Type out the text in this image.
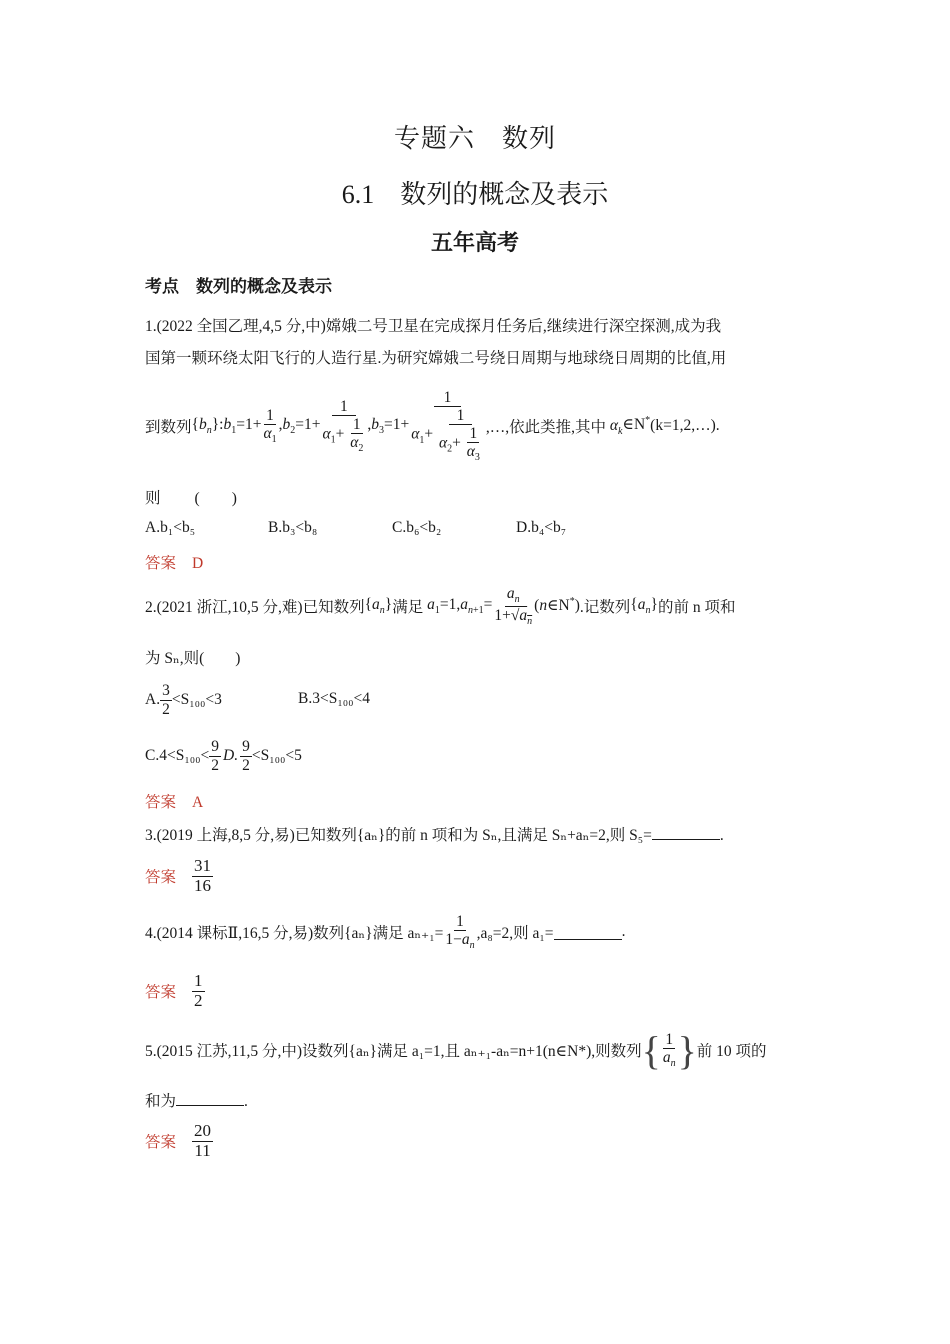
专题六　数列
6.1　数列的概念及表示
五年高考
考点　数列的概念及表示
1.(2022 全国乙理,4,5 分,中)嫦娥二号卫星在完成探月任务后,继续进行深空探测,成为我
国第一颗环绕太阳飞行的人造行星.为研究嫦娥二号绕日周期与地球绕日周期的比值,用
到数列 $\{b_n\}:b_1=1+ \frac{1}{\alpha_1} ,b_2=1+ \frac{1}{\alpha_1+ \frac{1}{\alpha_2}} ,b_3=1+ \frac{1}{\alpha_1+ \frac{1}{\alpha_2+ \frac{1}{\alpha_3}}}$ ,…,依此类推,其中 $\alpha_k\in N^*$ (k=1,2,…).
则 ( )
A.b₁<b₅	B.b₃<b₈	C.b₆<b₂	D.b₄<b₇
答案 D
2.(2021 浙江,10,5 分,难)已知数列 $\{a_n\}$ 满足 $a_1=1,a_{n+1}= \frac{a_n}{1+√a_n}$ (n∈N*) .记数列 $\{a_n\}$ 的前 n 项和
为 Sₙ,则(　　)
A. $\frac{3}{2} <S_{100}<3$	B.3<S₁₀₀<4
$C.4<S_{100}< \frac{9}{2} D$. $\frac{9}{2} <S_{100}<5$
答案 A
3.(2019 上海,8,5 分,易)已知数列{aₙ}的前 n 项和为 Sₙ,且满足 Sₙ+aₙ=2,则 S₅=	.
答案 $\frac{31}{16}$
4.(2014 课标Ⅱ,16,5 分,易)数列{aₙ}满足 $a_{n+1}= \frac{1}{1-a_n} ,a_8=2$,则 a₁=	.
答案 $\frac{1}{2}$
5.(2015 江苏,11,5 分,中)设数列{aₙ}满足 a₁=1,且 aₙ₊₁-aₙ=n+1(n∈N*),则数列 { $\frac{1}{a_n}$ } 前 10 项的
和为	.
答案 $\frac{20}{11}$
